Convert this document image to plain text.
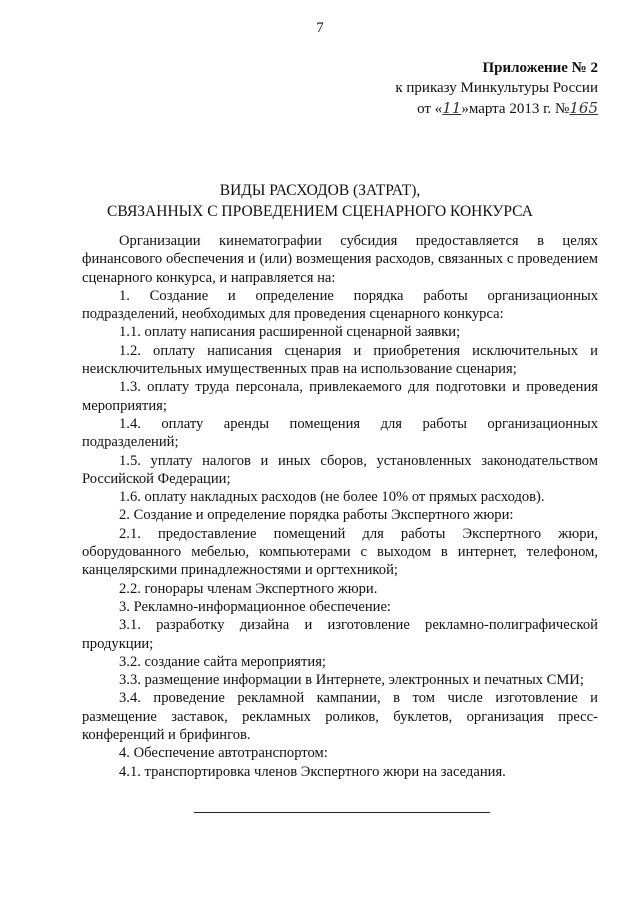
7
Приложение № 2
к приказу Минкультуры России
от «11»марта 2013 г. №165
ВИДЫ РАСХОДОВ (ЗАТРАТ),
СВЯЗАННЫХ С ПРОВЕДЕНИЕМ СЦЕНАРНОГО КОНКУРСА

Организации кинематографии субсидия предоставляется в целях финансового обеспечения и (или) возмещения расходов, связанных с проведением сценарного конкурса, и направляется на:

1. Создание и определение порядка работы организационных подразделений, необходимых для проведения сценарного конкурса:

1.1. оплату написания расширенной сценарной заявки;

1.2. оплату написания сценария и приобретения исключительных и неисключительных имущественных прав на использование сценария;

1.3. оплату труда персонала, привлекаемого для подготовки и проведения мероприятия;

1.4. оплату аренды помещения для работы организационных подразделений;

1.5. уплату налогов и иных сборов, установленных законодательством Российской Федерации;

1.6. оплату накладных расходов (не более 10% от прямых расходов).

2. Создание и определение порядка работы Экспертного жюри:

2.1. предоставление помещений для работы Экспертного жюри, оборудованного мебелью, компьютерами с выходом в интернет, телефоном, канцелярскими принадлежностями и оргтехникой;

2.2. гонорары членам Экспертного жюри.

3. Рекламно-информационное обеспечение:

3.1. разработку дизайна и изготовление рекламно-полиграфической продукции;

3.2. создание сайта мероприятия;

3.3. размещение информации в Интернете, электронных и печатных СМИ;

3.4. проведение рекламной кампании, в том числе изготовление и размещение заставок, рекламных роликов, буклетов, организация пресс-конференций и брифингов.

4. Обеспечение автотранспортом:

4.1. транспортировка членов Экспертного жюри на заседания.
